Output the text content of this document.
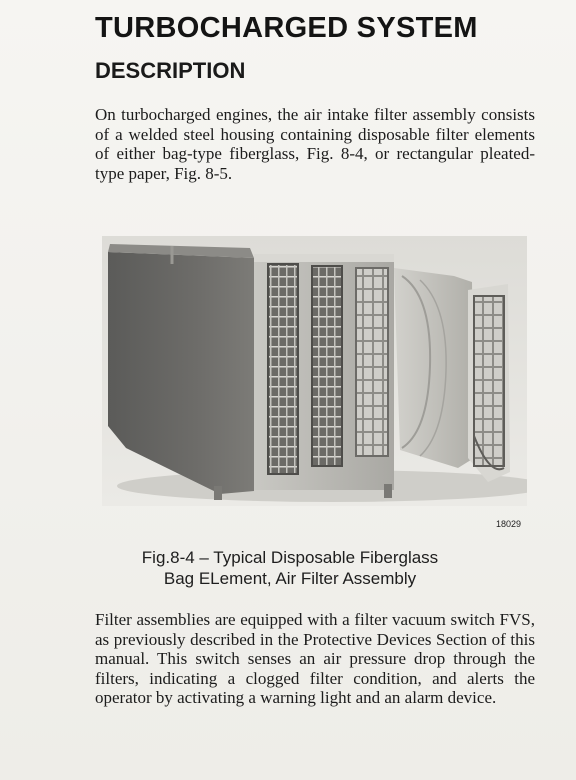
TURBOCHARGED SYSTEM
DESCRIPTION

On turbocharged engines, the air intake filter assembly consists of a welded steel housing containing disposable filter elements of either bag-type fiberglass, Fig. 8-4, or rectangular pleated-type paper, Fig. 8-5.

18029
Fig.8-4 – Typical Disposable Fiberglass
Bag ELement, Air Filter Assembly

Filter assemblies are equipped with a filter vacuum switch FVS, as previously described in the Protective Devices Section of this manual. This switch senses an air pressure drop through the filters, indicating a clogged filter condition, and alerts the operator by activating a warning light and an alarm device.
